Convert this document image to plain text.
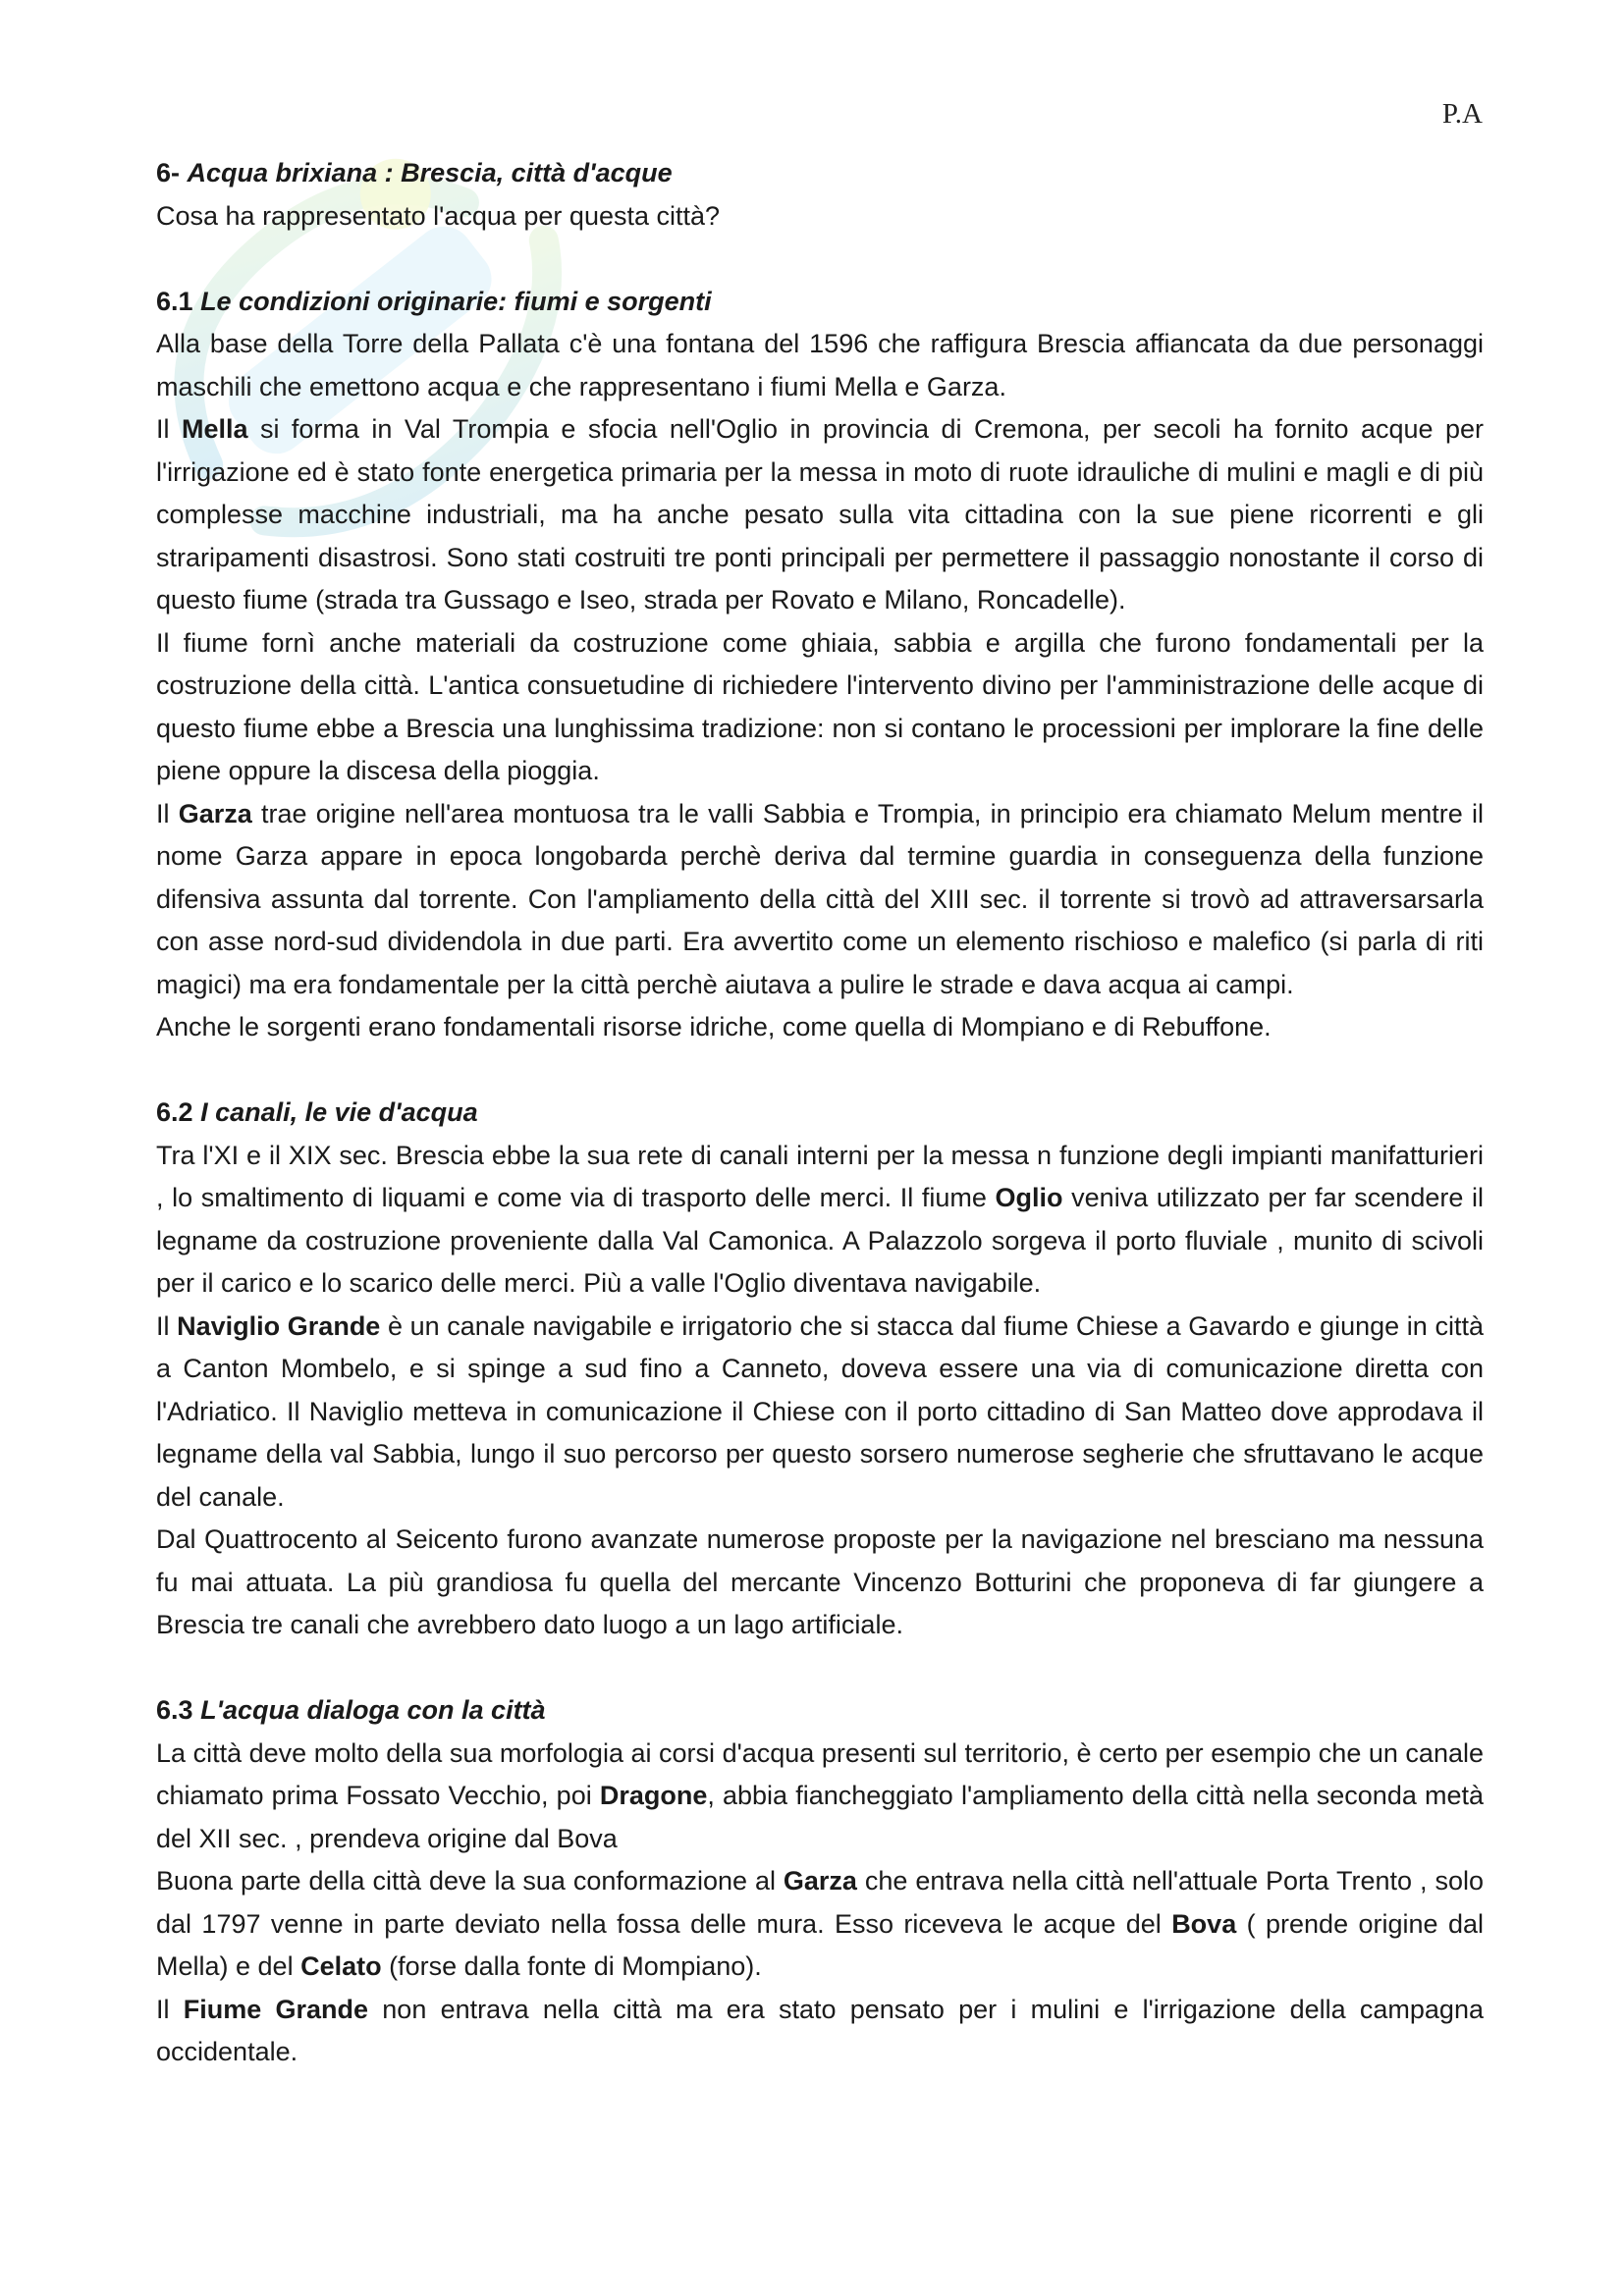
P.A

6- Acqua brixiana : Brescia, città d'acque

Cosa ha rappresentato l'acqua per questa città?

6.1 Le condizioni originarie: fiumi e sorgenti

Alla base della Torre della Pallata c'è una fontana del 1596 che raffigura Brescia affiancata da due personaggi maschili che emettono acqua e che rappresentano i fiumi Mella e Garza.

Il Mella si forma in Val Trompia e sfocia nell'Oglio in provincia di Cremona, per secoli ha fornito acque per l'irrigazione ed è stato fonte energetica primaria per la messa in moto di ruote idrauliche di mulini e magli e di più complesse macchine industriali, ma ha anche pesato sulla vita cittadina con la sue piene ricorrenti e gli straripamenti disastrosi. Sono stati costruiti tre ponti principali per permettere il passaggio nonostante il corso di questo fiume (strada tra Gussago e Iseo, strada per Rovato e Milano, Roncadelle).

Il fiume fornì anche materiali da costruzione come ghiaia, sabbia e argilla che furono fondamentali per la costruzione della città. L'antica consuetudine di richiedere l'intervento divino per l'amministrazione delle acque di questo fiume ebbe a Brescia una lunghissima tradizione: non si contano le processioni per implorare la fine delle piene oppure la discesa della pioggia.

Il Garza trae origine nell'area montuosa tra le valli Sabbia e Trompia, in principio era chiamato Melum mentre il nome Garza appare in epoca longobarda perchè deriva dal termine guardia in conseguenza della funzione difensiva assunta dal torrente. Con l'ampliamento della città del XIII sec. il torrente si trovò ad attraversarsarla con asse nord-sud dividendola in due parti. Era avvertito come un elemento rischioso e malefico (si parla di riti magici) ma era fondamentale per la città perchè aiutava a pulire le strade e dava acqua ai campi.

Anche le sorgenti erano fondamentali risorse idriche, come quella di Mompiano e di Rebuffone.

6.2 I canali, le vie d'acqua

Tra l'XI e il XIX sec. Brescia ebbe la sua rete di canali interni per la messa n funzione degli impianti manifatturieri , lo smaltimento di liquami e come via di trasporto delle merci. Il fiume Oglio veniva utilizzato per far scendere il legname da costruzione proveniente dalla Val Camonica. A Palazzolo sorgeva il porto fluviale , munito di scivoli per il carico e lo scarico delle merci. Più a valle l'Oglio diventava navigabile.

Il Naviglio Grande è un canale navigabile e irrigatorio che si stacca dal fiume Chiese a Gavardo e giunge in città a Canton Mombelo, e si spinge a sud fino a Canneto, doveva essere una via di comunicazione diretta con l'Adriatico. Il Naviglio metteva in comunicazione il Chiese con il porto cittadino di San Matteo dove approdava il legname della val Sabbia, lungo il suo percorso per questo sorsero numerose segherie che sfruttavano le acque del canale.

Dal Quattrocento al Seicento furono avanzate numerose proposte per la navigazione nel bresciano ma nessuna fu mai attuata. La più grandiosa fu quella del mercante Vincenzo Botturini che proponeva di far giungere a Brescia tre canali che avrebbero dato luogo a un lago artificiale.

6.3 L'acqua dialoga con la città

La città deve molto della sua morfologia ai corsi d'acqua presenti sul territorio, è certo per esempio che un canale chiamato prima Fossato Vecchio, poi Dragone, abbia fiancheggiato l'ampliamento della città nella seconda metà del XII sec. , prendeva origine dal Bova

Buona parte della città deve la sua conformazione al Garza che entrava nella città nell'attuale Porta Trento , solo dal 1797 venne in parte deviato nella fossa delle mura. Esso riceveva le acque del Bova ( prende origine dal Mella) e del Celato (forse dalla fonte di Mompiano).

Il Fiume Grande non entrava nella città ma era stato pensato per i mulini e l'irrigazione della campagna occidentale.
